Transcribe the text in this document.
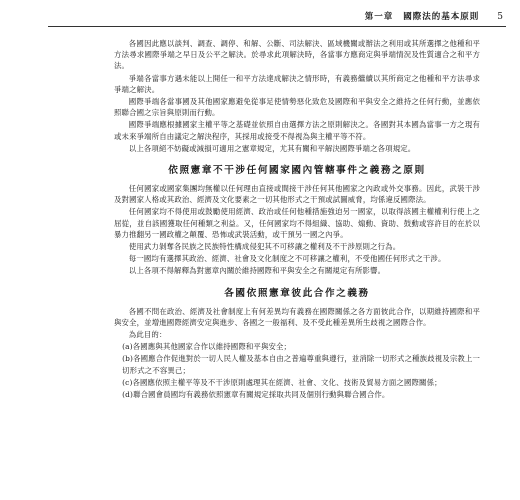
第一章 國際法的基本原則 5

各國因此應以談判、調查、調停、和解、公斷、司法解決、區域機關或辦法之利用或其所選擇之他種和平方法尋求國際爭端之早日及公平之解決。於尋求此項解決時，各當事方應商定與爭端情況及性質適合之和平方法。

爭端各當事方遇未能以上開任一和平方法達成解決之情形時，有義務繼續以其所商定之他種和平方法尋求爭端之解決。

國際爭端各當事國及其他國家應避免從事足使情勢惡化致危及國際和平與安全之維持之任何行動，並應依照聯合國之宗旨與原則而行動。

國際爭端應根據國家主權平等之基礎並依照自由選擇方法之原則解決之。各國對其本國為當事一方之現有或未來爭端所自由議定之解決程序，其採用或接受不得視為與主權平等不符。

以上各項絕不妨礙或減損可適用之憲章規定，尤其有關和平解決國際爭端之各項規定。

依照憲章不干涉任何國家國內管轄事件之義務之原則

任何國家或國家集團均無權以任何理由直接或間接干涉任何其他國家之內政或外交事務。因此，武裝干涉及對國家人格或其政治、經濟及文化要素之一切其他形式之干預或試圖威脅，均係違反國際法。

任何國家均不得使用或鼓勵使用經濟、政治或任何他種措施強迫另一國家，以取得該國主權權利行使上之屈從，並自該國獲取任何種類之利益。又，任何國家均不得組織、協助、煽動、資助、鼓動或容許目的在於以暴力推翻另一國政權之顛覆、恐怖或武裝活動，或干預另一國之內爭。

使用武力剝奪各民族之民族特性構成侵犯其不可移讓之權利及不干涉原則之行為。

每一國均有選擇其政治、經濟、社會及文化制度之不可移讓之權利，不受他國任何形式之干涉。

以上各項不得解釋為對憲章內關於維持國際和平與安全之有關規定有所影響。

各國依照憲章彼此合作之義務

各國不問在政治、經濟及社會制度上有何差異均有義務在國際關係之各方面彼此合作，以期維持國際和平與安全，並增進國際經濟安定與進步、各國之一般福利、及不受此種差異所生歧視之國際合作。

為此目的：

(a)各國應與其他國家合作以維持國際和平與安全；

(b)各國應合作促進對於一切人民人權及基本自由之普遍尊重與遵行，並消除一切形式之種族歧視及宗教上一切形式之不容異己；

(c)各國應依照主權平等及不干涉原則處理其在經濟、社會、文化、技術及貿易方面之國際關係；

(d)聯合國會員國均有義務依照憲章有關規定採取共同及個別行動與聯合國合作。
